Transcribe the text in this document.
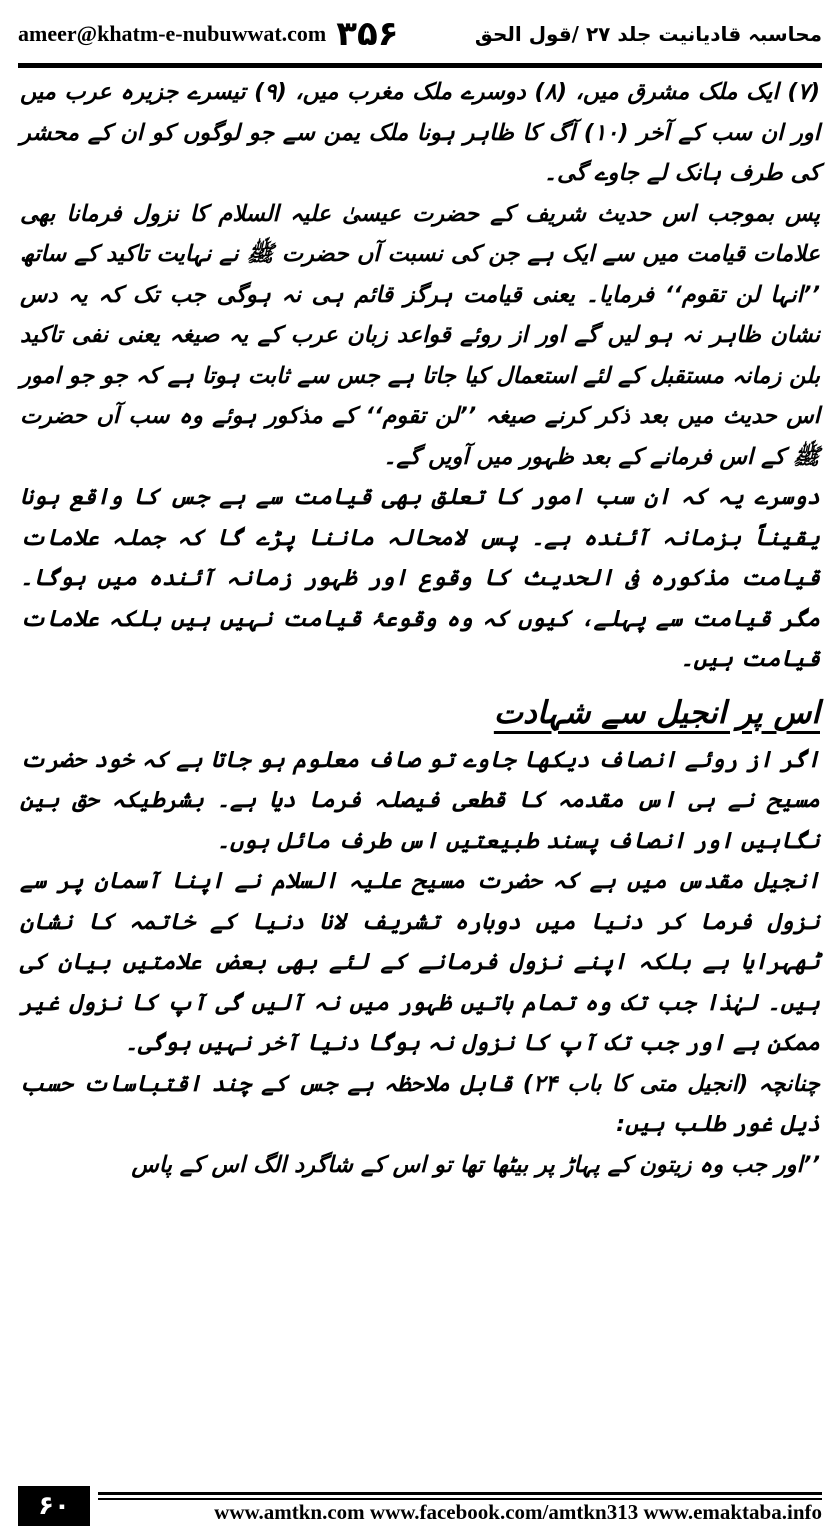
ameer@khatm-e-nubuwwat.com ۳۵۶	محاسبہ قادیانیت جلد ۲۷ /قول الحق

(۷) ایک ملک مشرق میں، (۸) دوسرے ملک مغرب میں، (۹) تیسرے جزیرہ عرب میں اور ان سب کے آخر (۱۰) آگ کا ظاہر ہونا ملک یمن سے جو لوگوں کو ان کے محشر کی طرف ہانک لے جاوے گی۔

پس بموجب اس حدیث شریف کے حضرت عیسیٰ علیہ السلام کا نزول فرمانا بھی علامات قیامت میں سے ایک ہے جن کی نسبت آں حضرت ﷺ نے نہایت تاکید کے ساتھ ’’انہا لن تقوم‘‘ فرمایا۔ یعنی قیامت ہرگز قائم ہی نہ ہوگی جب تک کہ یہ دس نشان ظاہر نہ ہو لیں گے اور از روئے قواعد زبان عرب کے یہ صیغہ یعنی نفی تاکید بلن زمانہ مستقبل کے لئے استعمال کیا جاتا ہے جس سے ثابت ہوتا ہے کہ جو جو امور اس حدیث میں بعد ذکر کرنے صیغہ ’’لن تقوم‘‘ کے مذکور ہوئے وہ سب آں حضرت ﷺ کے اس فرمانے کے بعد ظہور میں آویں گے۔

دوسرے یہ کہ ان سب امور کا تعلق بھی قیامت سے ہے جس کا واقع ہونا یقیناً بزمانہ آئندہ ہے۔ پس لامحالہ ماننا پڑے گا کہ جملہ علامات قیامت مذکورہ فی الحدیث کا وقوع اور ظہور زمانہ آئندہ میں ہوگا۔ مگر قیامت سے پہلے، کیوں کہ وہ وقوعۂ قیامت نہیں ہیں بلکہ علامات قیامت ہیں۔

اس پر انجیل سے شہادت

اگر از روئے انصاف دیکھا جاوے تو صاف معلوم ہو جاتا ہے کہ خود حضرت مسیح نے ہی اس مقدمہ کا قطعی فیصلہ فرما دیا ہے۔ بشرطیکہ حق بین نگاہیں اور انصاف پسند طبیعتیں اس طرف مائل ہوں۔

انجیل مقدس میں ہے کہ حضرت مسیح علیہ السلام نے اپنا آسمان پر سے نزول فرما کر دنیا میں دوبارہ تشریف لانا دنیا کے خاتمہ کا نشان ٹھہرایا ہے بلکہ اپنے نزول فرمانے کے لئے بھی بعض علامتیں بیان کی ہیں۔ لہٰذا جب تک وہ تمام باتیں ظہور میں نہ آلیں گی آپ کا نزول غیر ممکن ہے اور جب تک آپ کا نزول نہ ہوگا دنیا آخر نہیں ہوگی۔

چنانچہ (انجیل متی کا باب ۲۴) قابل ملاحظہ ہے جس کے چند اقتباسات حسب ذیل غور طلب ہیں:

’’اور جب وہ زیتون کے پہاڑ پر بیٹھا تھا تو اس کے شاگرد الگ اس کے پاس

۶۰	www.amtkn.com www.facebook.com/amtkn313 www.emaktaba.info
